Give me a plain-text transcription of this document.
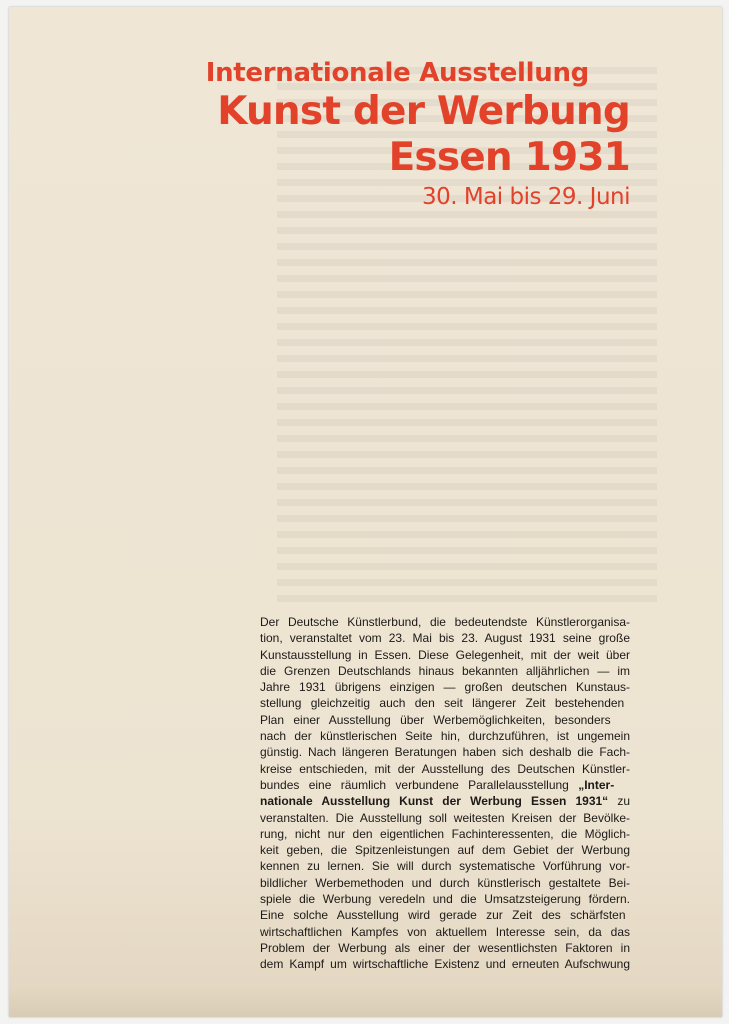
Internationale Ausstellung
Kunst der Werbung
Essen 1931
30. Mai bis 29. Juni
Der Deutsche Künstlerbund, die bedeutendste Künstlerorganisa-
tion, veranstaltet vom 23. Mai bis 23. August 1931 seine große
Kunstausstellung in Essen. Diese Gelegenheit, mit der weit über
die Grenzen Deutschlands hinaus bekannten alljährlichen — im
Jahre 1931 übrigens einzigen — großen deutschen Kunstaus-
stellung gleichzeitig auch den seit längerer Zeit bestehenden
Plan einer Ausstellung über Werbemöglichkeiten, besonders
nach der künstlerischen Seite hin, durchzuführen, ist ungemein
günstig. Nach längeren Beratungen haben sich deshalb die Fach-
kreise entschieden, mit der Ausstellung des Deutschen Künstler-
bundes eine räumlich verbundene Parallelausstellung „Inter-
nationale Ausstellung Kunst der Werbung Essen 1931“ zu
veranstalten. Die Ausstellung soll weitesten Kreisen der Bevölke-
rung, nicht nur den eigentlichen Fachinteressenten, die Möglich-
keit geben, die Spitzenleistungen auf dem Gebiet der Werbung
kennen zu lernen. Sie will durch systematische Vorführung vor-
bildlicher Werbemethoden und durch künstlerisch gestaltete Bei-
spiele die Werbung veredeln und die Umsatzsteigerung fördern.
Eine solche Ausstellung wird gerade zur Zeit des schärfsten
wirtschaftlichen Kampfes von aktuellem Interesse sein, da das
Problem der Werbung als einer der wesentlichsten Faktoren in
dem Kampf um wirtschaftliche Existenz und erneuten Aufschwung
